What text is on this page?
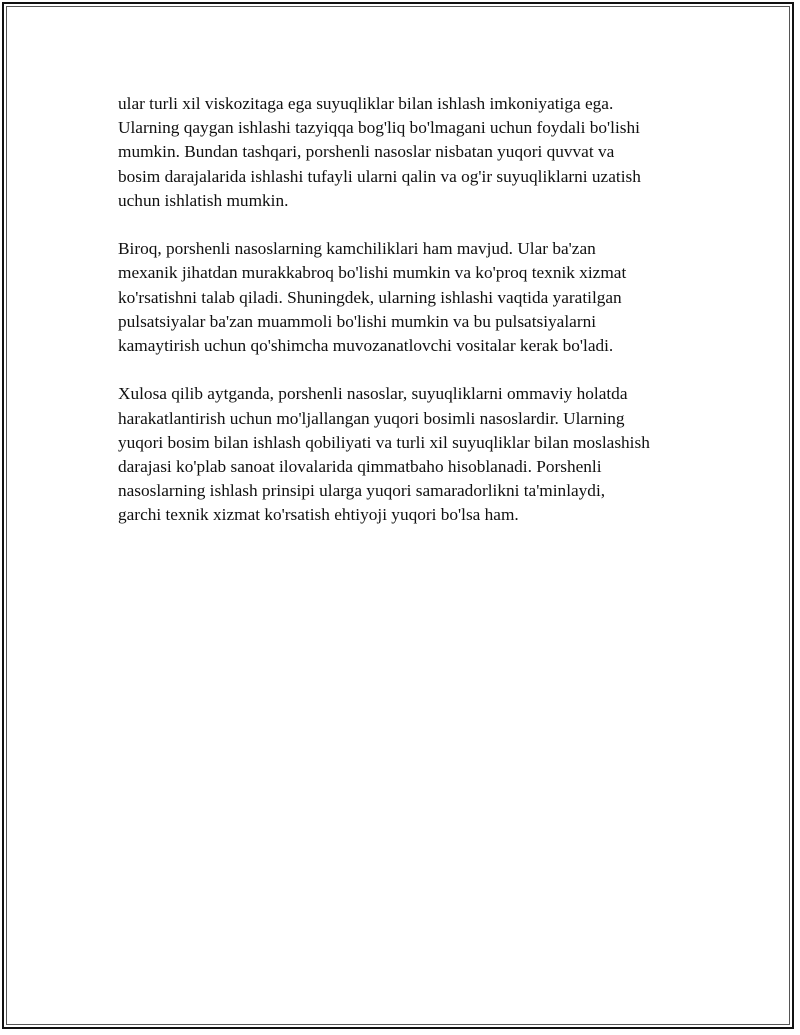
ular turli xil viskozitaga ega suyuqliklar bilan ishlash imkoniyatiga ega.
Ularning qaygan ishlashi tazyiqqa bog'liq bo'lmagani uchun foydali bo'lishi
mumkin. Bundan tashqari, porshenli nasoslar nisbatan yuqori quvvat va
bosim darajalarida ishlashi tufayli ularni qalin va og'ir suyuqliklarni uzatish
uchun ishlatish mumkin.

Biroq, porshenli nasoslarning kamchiliklari ham mavjud. Ular ba'zan
mexanik jihatdan murakkabroq bo'lishi mumkin va ko'proq texnik xizmat
ko'rsatishni talab qiladi. Shuningdek, ularning ishlashi vaqtida yaratilgan
pulsatsiyalar ba'zan muammoli bo'lishi mumkin va bu pulsatsiyalarni
kamaytirish uchun qo'shimcha muvozanatlovchi vositalar kerak bo'ladi.

Xulosa qilib aytganda, porshenli nasoslar, suyuqliklarni ommaviy holatda
harakatlantirish uchun mo'ljallangan yuqori bosimli nasoslardir. Ularning
yuqori bosim bilan ishlash qobiliyati va turli xil suyuqliklar bilan moslashish
darajasi ko'plab sanoat ilovalarida qimmatbaho hisoblanadi. Porshenli
nasoslarning ishlash prinsipi ularga yuqori samaradorlikni ta'minlaydi,
garchi texnik xizmat ko'rsatish ehtiyoji yuqori bo'lsa ham.
